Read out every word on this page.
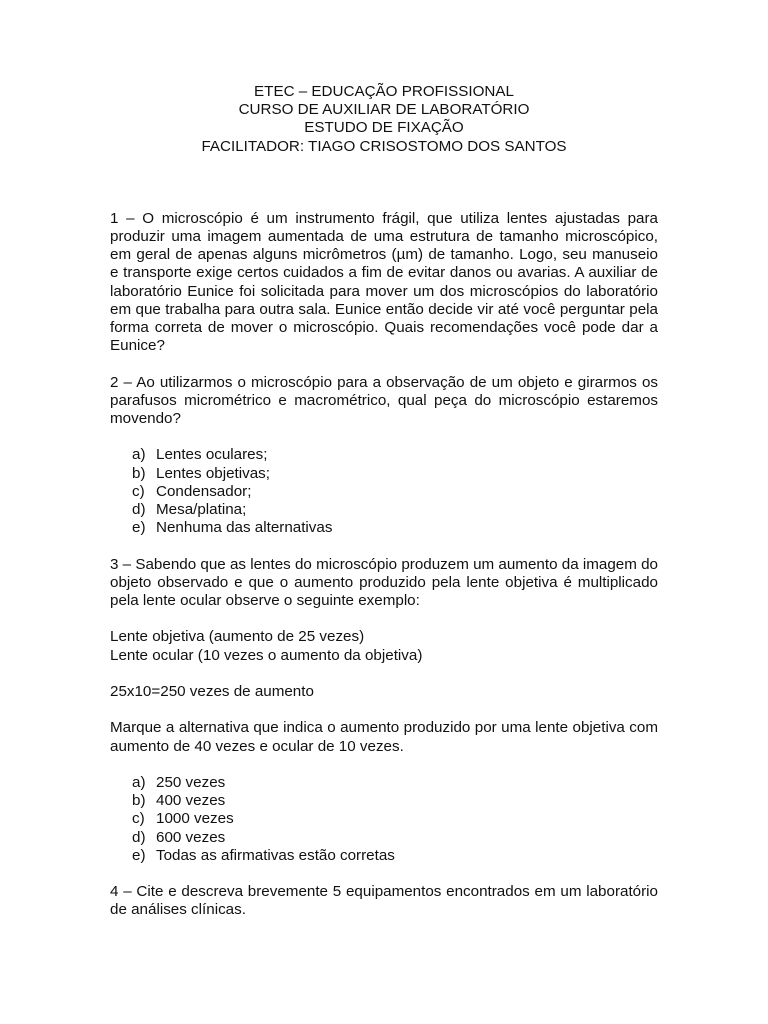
ETEC – EDUCAÇÃO PROFISSIONAL
CURSO DE AUXILIAR DE LABORATÓRIO
ESTUDO DE FIXAÇÃO
FACILITADOR: TIAGO CRISOSTOMO DOS SANTOS

1 – O microscópio é um instrumento frágil, que utiliza lentes ajustadas para produzir uma imagem aumentada de uma estrutura de tamanho microscópico, em geral de apenas alguns micrômetros (µm) de tamanho. Logo, seu manuseio e transporte exige certos cuidados a fim de evitar danos ou avarias. A auxiliar de laboratório Eunice foi solicitada para mover um dos microscópios do laboratório em que trabalha para outra sala. Eunice então decide vir até você perguntar pela forma correta de mover o microscópio. Quais recomendações você pode dar a Eunice?

2 – Ao utilizarmos o microscópio para a observação de um objeto e girarmos os parafusos micrométrico e macrométrico, qual peça do microscópio estaremos movendo?

a) Lentes oculares;
b) Lentes objetivas;
c) Condensador;
d) Mesa/platina;
e) Nenhuma das alternativas

3 – Sabendo que as lentes do microscópio produzem um aumento da imagem do objeto observado e que o aumento produzido pela lente objetiva é multiplicado pela lente ocular observe o seguinte exemplo:

Lente objetiva (aumento de 25 vezes)
Lente ocular (10 vezes o aumento da objetiva)
25x10=250 vezes de aumento

Marque a alternativa que indica o aumento produzido por uma lente objetiva com aumento de 40 vezes e ocular de 10 vezes.

a) 250 vezes
b) 400 vezes
c) 1000 vezes
d) 600 vezes
e) Todas as afirmativas estão corretas

4 – Cite e descreva brevemente 5 equipamentos encontrados em um laboratório de análises clínicas.
